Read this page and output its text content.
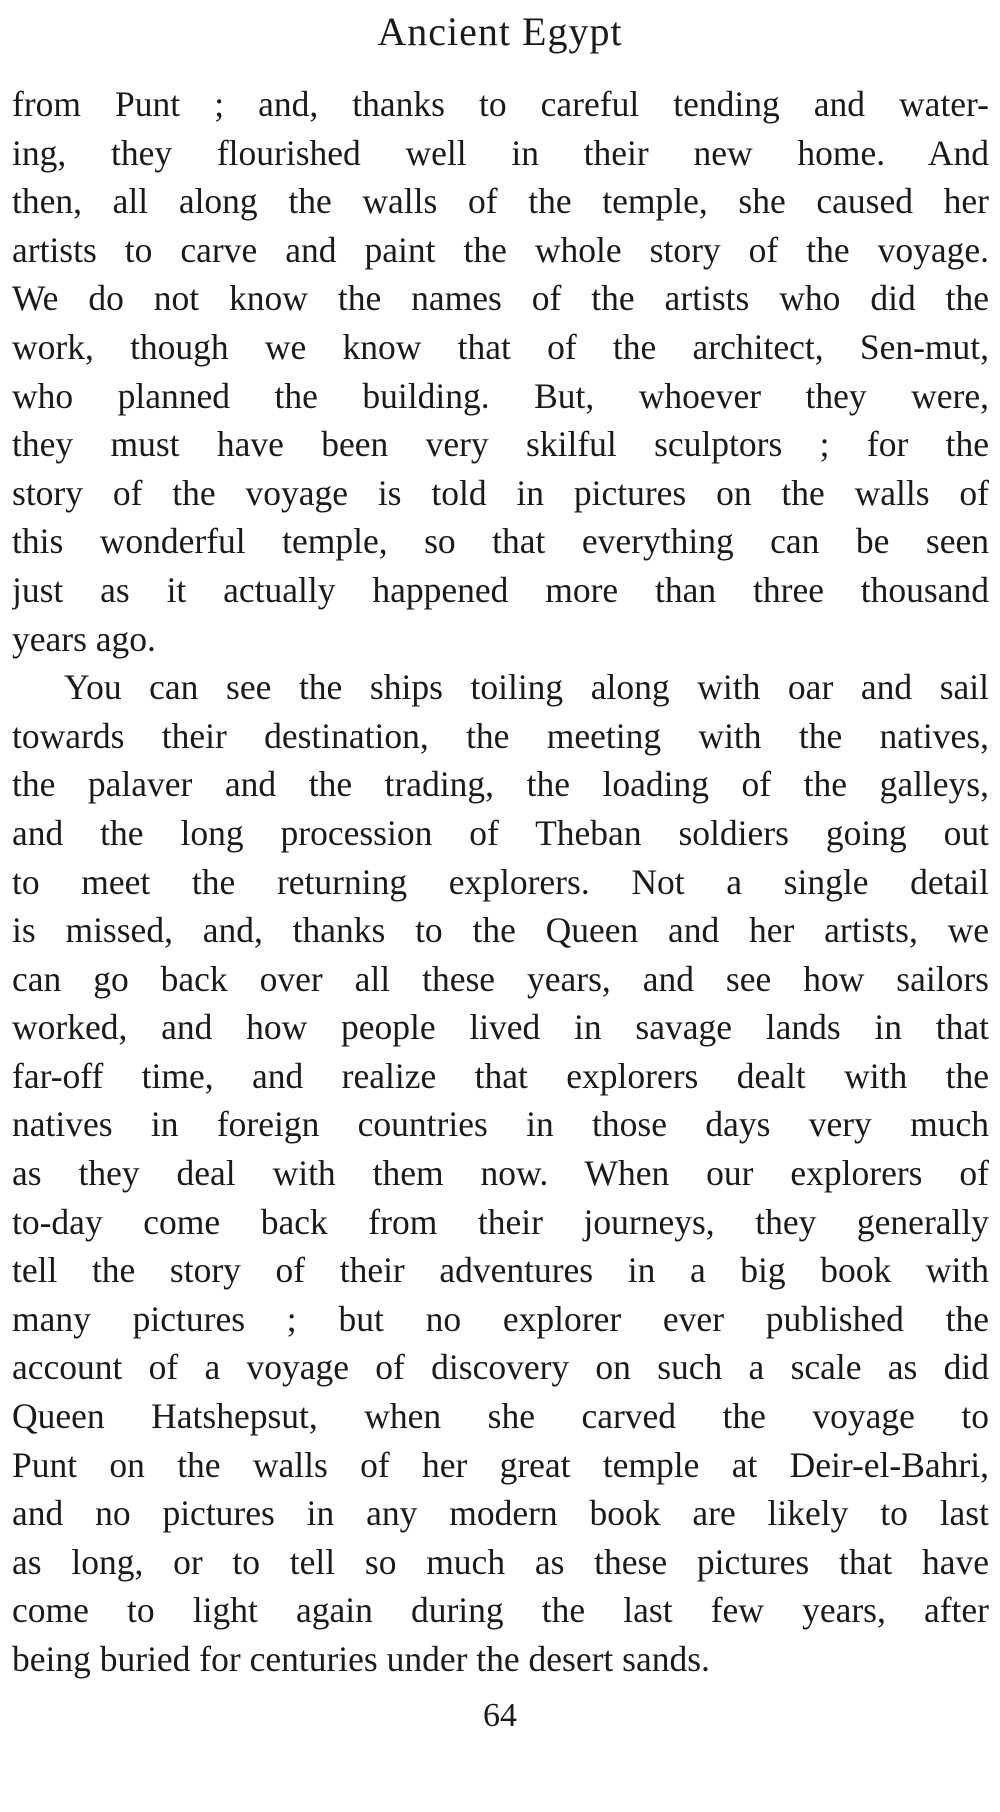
Ancient Egypt
from Punt ; and, thanks to careful tending and water-
ing, they flourished well in their new home. And
then, all along the walls of the temple, she caused her
artists to carve and paint the whole story of the voyage.
We do not know the names of the artists who did the
work, though we know that of the architect, Sen-mut,
who planned the building. But, whoever they were,
they must have been very skilful sculptors ; for the
story of the voyage is told in pictures on the walls of
this wonderful temple, so that everything can be seen
just as it actually happened more than three thousand
years ago.
You can see the ships toiling along with oar and sail
towards their destination, the meeting with the natives,
the palaver and the trading, the loading of the galleys,
and the long procession of Theban soldiers going out
to meet the returning explorers. Not a single detail
is missed, and, thanks to the Queen and her artists, we
can go back over all these years, and see how sailors
worked, and how people lived in savage lands in that
far-off time, and realize that explorers dealt with the
natives in foreign countries in those days very much
as they deal with them now. When our explorers of
to-day come back from their journeys, they generally
tell the story of their adventures in a big book with
many pictures ; but no explorer ever published the
account of a voyage of discovery on such a scale as did
Queen Hatshepsut, when she carved the voyage to
Punt on the walls of her great temple at Deir-el-Bahri,
and no pictures in any modern book are likely to last
as long, or to tell so much as these pictures that have
come to light again during the last few years, after
being buried for centuries under the desert sands.
64
